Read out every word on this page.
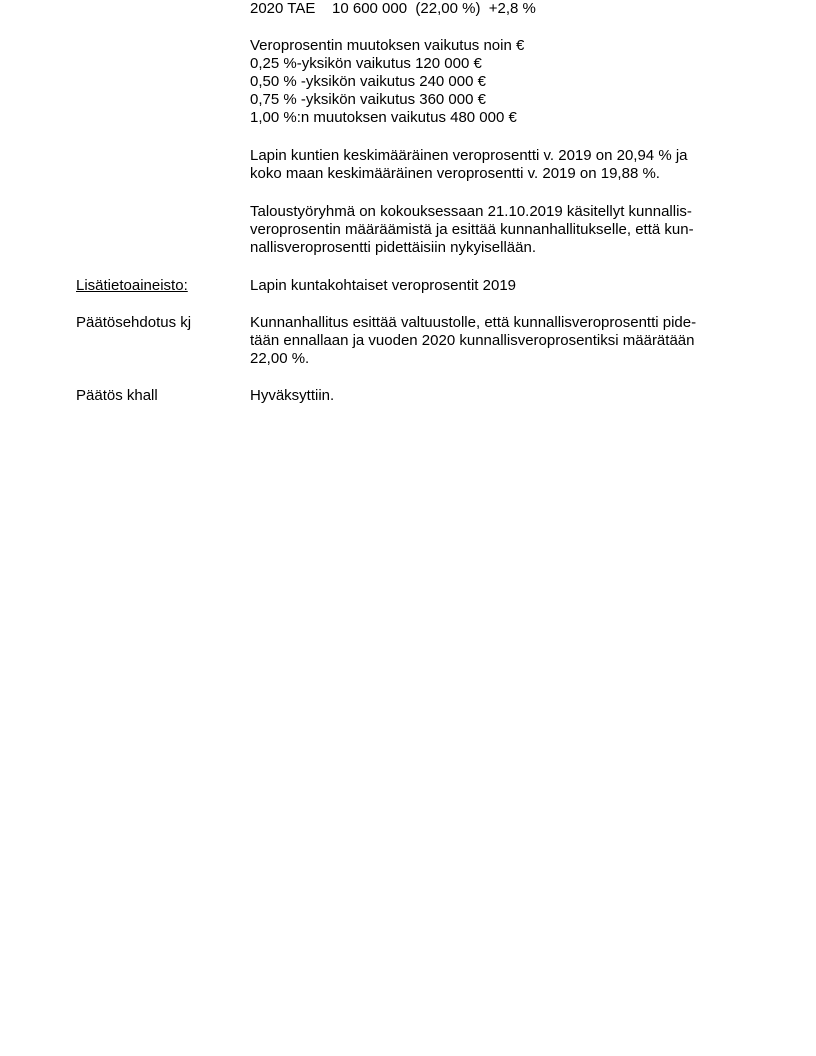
2020 TAE    10 600 000  (22,00 %)  +2,8 %
Veroprosentin muutoksen vaikutus noin €
0,25 %-yksikön vaikutus 120 000 €
0,50 % -yksikön vaikutus 240 000 €
0,75 % -yksikön vaikutus 360 000 €
1,00 %:n muutoksen vaikutus 480 000 €
Lapin kuntien keskimääräinen veroprosentti v. 2019 on 20,94 % ja
koko maan keskimääräinen veroprosentti v. 2019 on 19,88 %.
Taloustyöryhmä on kokouksessaan 21.10.2019 käsitellyt kunnallis-
veroprosentin määräämistä ja esittää kunnanhallitukselle, että kun-
nallisveroprosentti pidettäisiin nykyisellään.
Lisätietoaineisto:	Lapin kuntakohtaiset veroprosentit 2019
Päätösehdotus kj	Kunnanhallitus esittää valtuustolle, että kunnallisveroprosentti pide-
tään ennallaan ja vuoden 2020 kunnallisveroprosentiksi määrätään
22,00 %.
Päätös khall	Hyväksyttiin.
